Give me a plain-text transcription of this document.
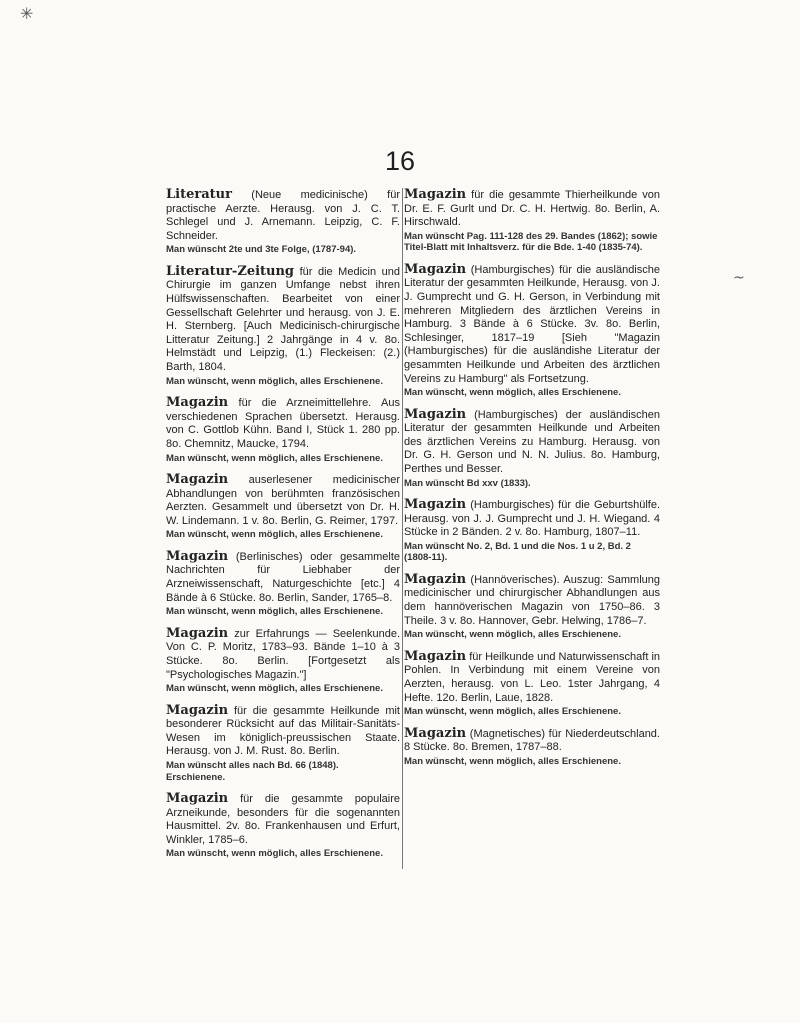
✳
~
16
Literatur (Neue medicinische) für practische Aerzte. Herausg. von J. C. T. Schlegel und J. Arnemann. Leipzig, C. F. Schneider.

Man wünscht 2te und 3te Folge, (1787-94).

Literatur-Zeitung für die Medicin und Chirurgie im ganzen Umfange nebst ihren Hülfswissenschaften. Bearbeitet von einer Gessellschaft Gelehrter und herausg. von J. E. H. Sternberg. [Auch Medicinisch-chirurgische Litteratur Zeitung.] 2 Jahrgänge in 4 v. 8o. Helmstädt und Leipzig, (1.) Fleckeisen: (2.) Barth, 1804.

Man wünscht, wenn möglich, alles Erschienene.

Magazin für die Arzneimittellehre. Aus verschiedenen Sprachen übersetzt. Herausg. von C. Gottlob Kühn. Band I, Stück 1. 280 pp. 8o. Chemnitz, Maucke, 1794.

Man wünscht, wenn möglich, alles Erschienene.

Magazin auserlesener medicinischer Abhandlungen von berühmten französischen Aerzten. Gesammelt und übersetzt von Dr. H. W. Lindemann. 1 v. 8o. Berlin, G. Reimer, 1797.

Man wünscht, wenn möglich, alles Erschienene.

Magazin (Berlinisches) oder gesammelte Nachrichten für Liebhaber der Arzneiwissenschaft, Naturgeschichte [etc.] 4 Bände à 6 Stücke. 8o. Berlin, Sander, 1765–8.

Man wünscht, wenn möglich, alles Erschienene.

Magazin zur Erfahrungs — Seelenkunde. Von C. P. Moritz, 1783–93. Bände 1–10 à 3 Stücke. 8o. Berlin. [Fortgesetzt als "Psychologisches Magazin."]

Man wünscht, wenn möglich, alles Erschienene.

Magazin für die gesammte Heilkunde mit besonderer Rücksicht auf das Militair-Sanitäts-Wesen im königlich-preussischen Staate. Herausg. von J. M. Rust. 8o. Berlin.

Man wünscht alles nach Bd. 66 (1848). Erschienene.

Magazin für die gesammte populaire Arzneikunde, besonders für die sogenannten Hausmittel. 2v. 8o. Frankenhausen und Erfurt, Winkler, 1785–6.

Man wünscht, wenn möglich, alles Erschienene.

Magazin für die gesammte Thierheilkunde von Dr. E. F. Gurlt und Dr. C. H. Hertwig. 8o. Berlin, A. Hirschwald.

Man wünscht Pag. 111-128 des 29. Bandes (1862); sowie Titel-Blatt mit Inhaltsverz. für die Bde. 1-40 (1835-74).

Magazin (Hamburgisches) für die ausländische Literatur der gesammten Heilkunde, Herausg. von J. J. Gumprecht und G. H. Gerson, in Verbindung mit mehreren Mitgliedern des ärztlichen Vereins in Hamburg. 3 Bände à 6 Stücke. 3v. 8o. Berlin, Schlesinger, 1817–19 [Sieh "Magazin (Hamburgisches) für die ausländishe Literatur der gesammten Heilkunde und Arbeiten des ärztlichen Vereins zu Hamburg" als Fortsetzung.

Man wünscht, wenn möglich, alles Erschienene.

Magazin (Hamburgisches) der ausländischen Literatur der gesammten Heilkunde und Arbeiten des ärztlichen Vereins zu Hamburg. Herausg. von Dr. G. H. Gerson und N. N. Julius. 8o. Hamburg, Perthes und Besser.

Man wünscht Bd xxv (1833).

Magazin (Hamburgisches) für die Geburtshülfe. Herausg. von J. J. Gumprecht und J. H. Wiegand. 4 Stücke in 2 Bänden. 2 v. 8o. Hamburg, 1807–11.

Man wünscht No. 2, Bd. 1 und die Nos. 1 u 2, Bd. 2 (1808-11).

Magazin (Hannöverisches). Auszug: Sammlung medicinischer und chirurgischer Abhandlungen aus dem hannöverischen Magazin von 1750–86. 3 Theile. 3 v. 8o. Hannover, Gebr. Helwing, 1786–7.

Man wünscht, wenn möglich, alles Erschienene.

Magazin für Heilkunde und Naturwissenschaft in Pohlen. In Verbindung mit einem Vereine von Aerzten, herausg. von L. Leo. 1ster Jahrgang, 4 Hefte. 12o. Berlin, Laue, 1828.

Man wünscht, wenn möglich, alles Erschienene.

Magazin (Magnetisches) für Niederdeutschland. 8 Stücke. 8o. Bremen, 1787–88.

Man wünscht, wenn möglich, alles Erschienene.
